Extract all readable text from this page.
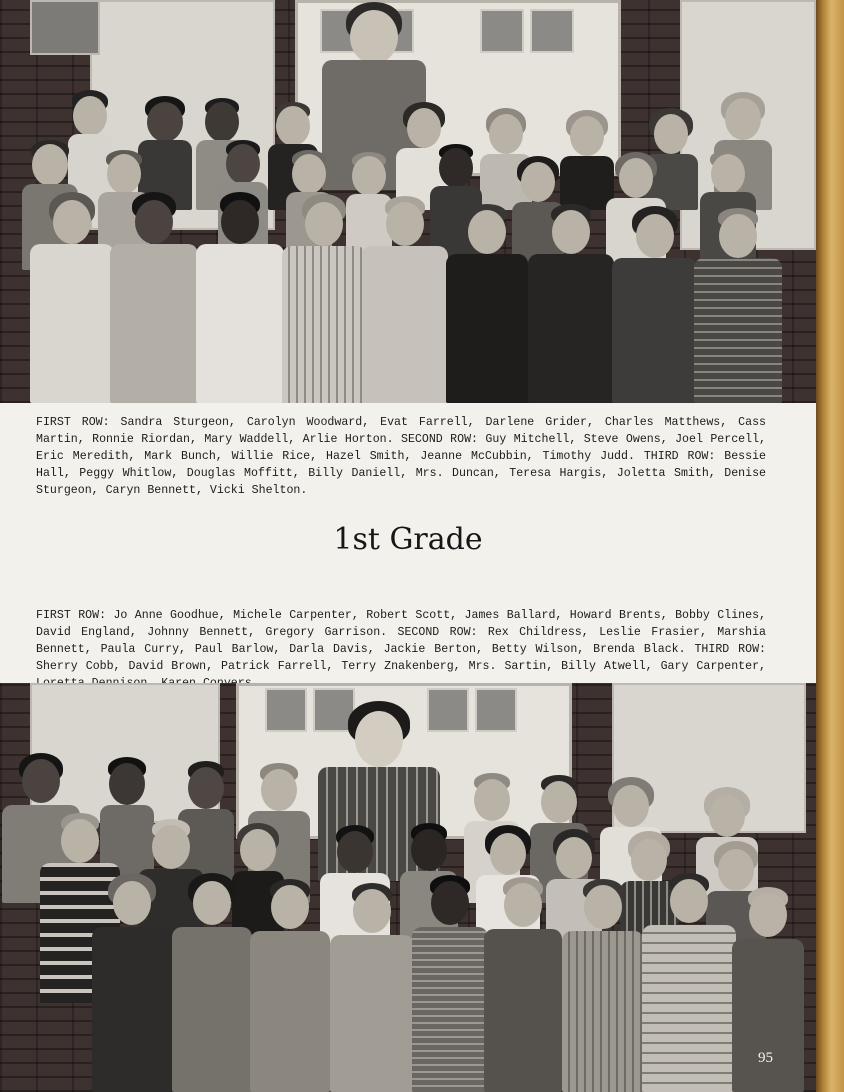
FIRST ROW: Sandra Sturgeon, Carolyn Woodward, Evat Farrell, Darlene Grider, Charles Matthews, Cass Martin, Ronnie Riordan, Mary Waddell, Arlie Horton. SECOND ROW: Guy Mitchell, Steve Owens, Joel Percell, Eric Meredith, Mark Bunch, Willie Rice, Hazel Smith, Jeanne McCubbin, Timothy Judd. THIRD ROW: Bessie Hall, Peggy Whitlow, Douglas Moffitt, Billy Daniell, Mrs. Duncan, Teresa Hargis, Joletta Smith, Denise Sturgeon, Caryn Bennett, Vicki Shelton.
1st Grade
FIRST ROW: Jo Anne Goodhue, Michele Carpenter, Robert Scott, James Ballard, Howard Brents, Bobby Clines, David England, Johnny Bennett, Gregory Garrison. SECOND ROW: Rex Childress, Leslie Frasier, Marshia Bennett, Paula Curry, Paul Barlow, Darla Davis, Jackie Berton, Betty Wilson, Brenda Black. THIRD ROW: Sherry Cobb, David Brown, Patrick Farrell, Terry Znakenberg, Mrs. Sartin, Billy Atwell, Gary Carpenter,
95
